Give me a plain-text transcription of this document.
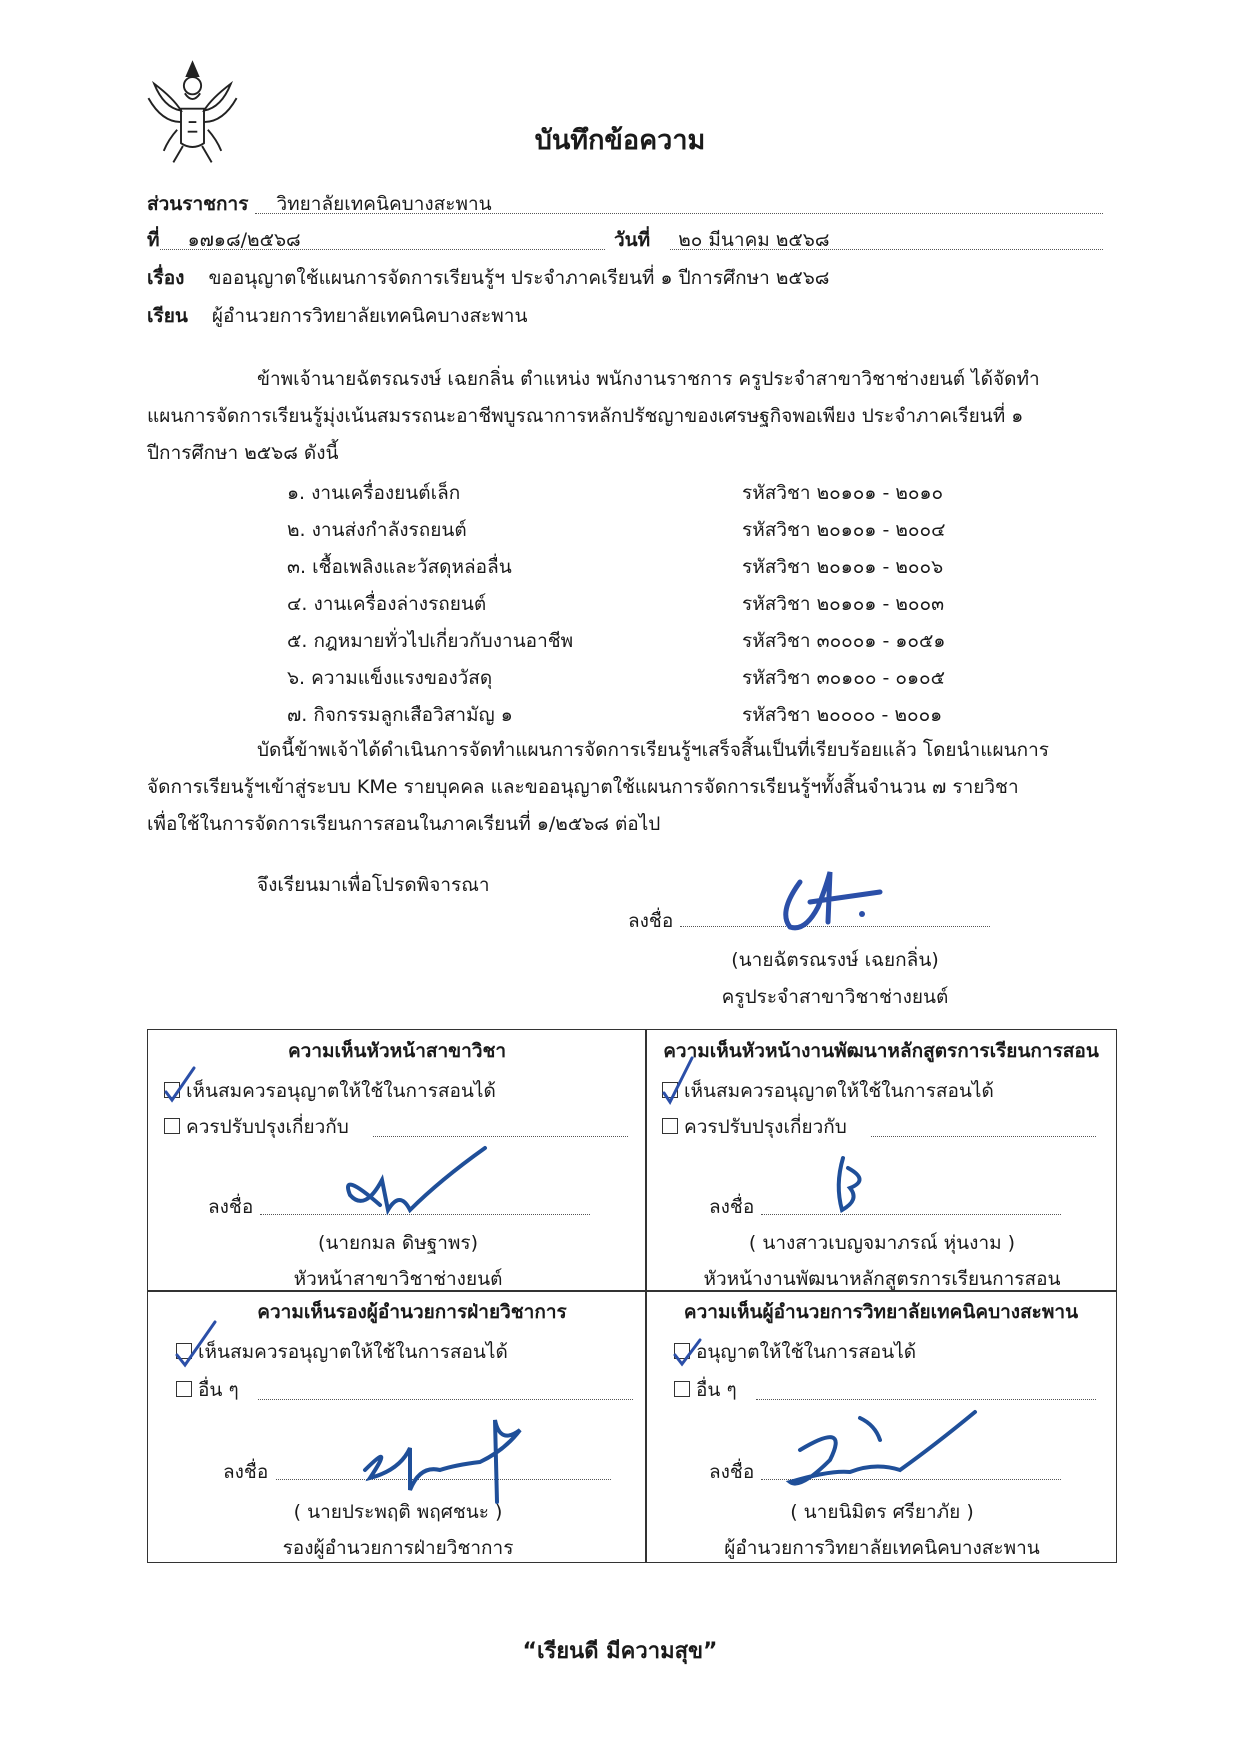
บันทึกข้อความ
ส่วนราชการ วิทยาลัยเทคนิคบางสะพาน
ที่ ๑๗๑๘/๒๕๖๘	วันที่ ๒๐ มีนาคม ๒๕๖๘
เรื่อง ขออนุญาตใช้แผนการจัดการเรียนรู้ฯ ประจำภาคเรียนที่ ๑ ปีการศึกษา ๒๕๖๘
เรียน ผู้อำนวยการวิทยาลัยเทคนิคบางสะพาน
ข้าพเจ้านายฉัตรณรงษ์ เฉยกลิ่น ตำแหน่ง พนักงานราชการ ครูประจำสาขาวิชาช่างยนต์ ได้จัดทำ
แผนการจัดการเรียนรู้มุ่งเน้นสมรรถนะอาชีพบูรณาการหลักปรัชญาของเศรษฐกิจพอเพียง ประจำภาคเรียนที่ ๑
ปีการศึกษา ๒๕๖๘ ดังนี้
๑. งานเครื่องยนต์เล็ก	รหัสวิชา ๒๐๑๐๑ - ๒๐๑๐
๒. งานส่งกำลังรถยนต์	รหัสวิชา ๒๐๑๐๑ - ๒๐๐๔
๓. เชื้อเพลิงและวัสดุหล่อลื่น	รหัสวิชา ๒๐๑๐๑ - ๒๐๐๖
๔. งานเครื่องล่างรถยนต์	รหัสวิชา ๒๐๑๐๑ - ๒๐๐๓
๕. กฎหมายทั่วไปเกี่ยวกับงานอาชีพ	รหัสวิชา ๓๐๐๐๑ - ๑๐๕๑
๖. ความแข็งแรงของวัสดุ	รหัสวิชา ๓๐๑๐๐ - ๐๑๐๕
๗. กิจกรรมลูกเสือวิสามัญ ๑	รหัสวิชา ๒๐๐๐๐ - ๒๐๐๑
บัดนี้ข้าพเจ้าได้ดำเนินการจัดทำแผนการจัดการเรียนรู้ฯเสร็จสิ้นเป็นที่เรียบร้อยแล้ว โดยนำแผนการ
จัดการเรียนรู้ฯเข้าสู่ระบบ KMe รายบุคคล และขออนุญาตใช้แผนการจัดการเรียนรู้ฯทั้งสิ้นจำนวน ๗ รายวิชา
เพื่อใช้ในการจัดการเรียนการสอนในภาคเรียนที่ ๑/๒๕๖๘ ต่อไป
จึงเรียนมาเพื่อโปรดพิจารณา
ลงชื่อ
(นายฉัตรณรงษ์ เฉยกลิ่น)
ครูประจำสาขาวิชาช่างยนต์
ความเห็นหัวหน้าสาขาวิชา
เห็นสมควรอนุญาตให้ใช้ในการสอนได้
ควรปรับปรุงเกี่ยวกับ
ลงชื่อ
(นายกมล ดิษฐาพร)
หัวหน้าสาขาวิชาช่างยนต์
ความเห็นหัวหน้างานพัฒนาหลักสูตรการเรียนการสอน
เห็นสมควรอนุญาตให้ใช้ในการสอนได้
ควรปรับปรุงเกี่ยวกับ
ลงชื่อ
( นางสาวเบญจมาภรณ์ หุ่นงาม )
หัวหน้างานพัฒนาหลักสูตรการเรียนการสอน
ความเห็นรองผู้อำนวยการฝ่ายวิชาการ
เห็นสมควรอนุญาตให้ใช้ในการสอนได้
อื่น ๆ
ลงชื่อ
( นายประพฤติ พฤศชนะ )
รองผู้อำนวยการฝ่ายวิชาการ
ความเห็นผู้อำนวยการวิทยาลัยเทคนิคบางสะพาน
อนุญาตให้ใช้ในการสอนได้
อื่น ๆ
ลงชื่อ
( นายนิมิตร ศรียาภัย )
ผู้อำนวยการวิทยาลัยเทคนิคบางสะพาน
“เรียนดี มีความสุข”
